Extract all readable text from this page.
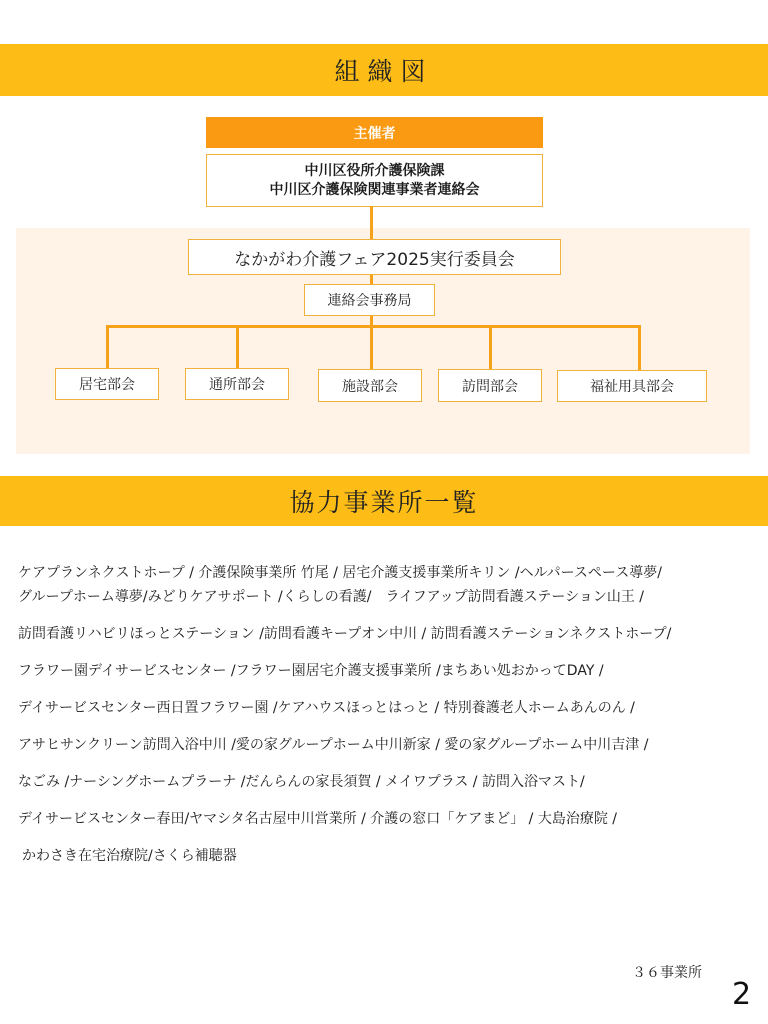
組織図
主催者
中川区役所介護保険課
中川区介護保険関連事業者連絡会
なかがわ介護フェア2025実行委員会
連絡会事務局
居宅部会	通所部会	施設部会	訪問部会	福祉用具部会
協力事業所一覧
ケアプランネクストホープ / 介護保険事業所 竹尾 / 居宅介護支援事業所キリン /ヘルパースペース導夢/
グループホーム導夢/みどりケアサポート /くらしの看護/　ライフアップ訪問看護ステーション山王 /
訪問看護リハビリほっとステーション /訪問看護キープオン中川 / 訪問看護ステーションネクストホープ/
フラワー園デイサービスセンター /フラワー園居宅介護支援事業所 /まちあい処おかってDAY /
デイサービスセンター西日置フラワー園 /ケアハウスほっとはっと / 特別養護老人ホームあんのん /
アサヒサンクリーン訪問入浴中川 /愛の家グループホーム中川新家 / 愛の家グループホーム中川吉津 /
なごみ /ナーシングホームプラーナ /だんらんの家長須賀 / メイワプラス / 訪問入浴マスト/
デイサービスセンター春田/ヤマシタ名古屋中川営業所 / 介護の窓口「ケアまど」 / 大島治療院 /
かわさき在宅治療院/さくら補聴器
３６事業所
2
